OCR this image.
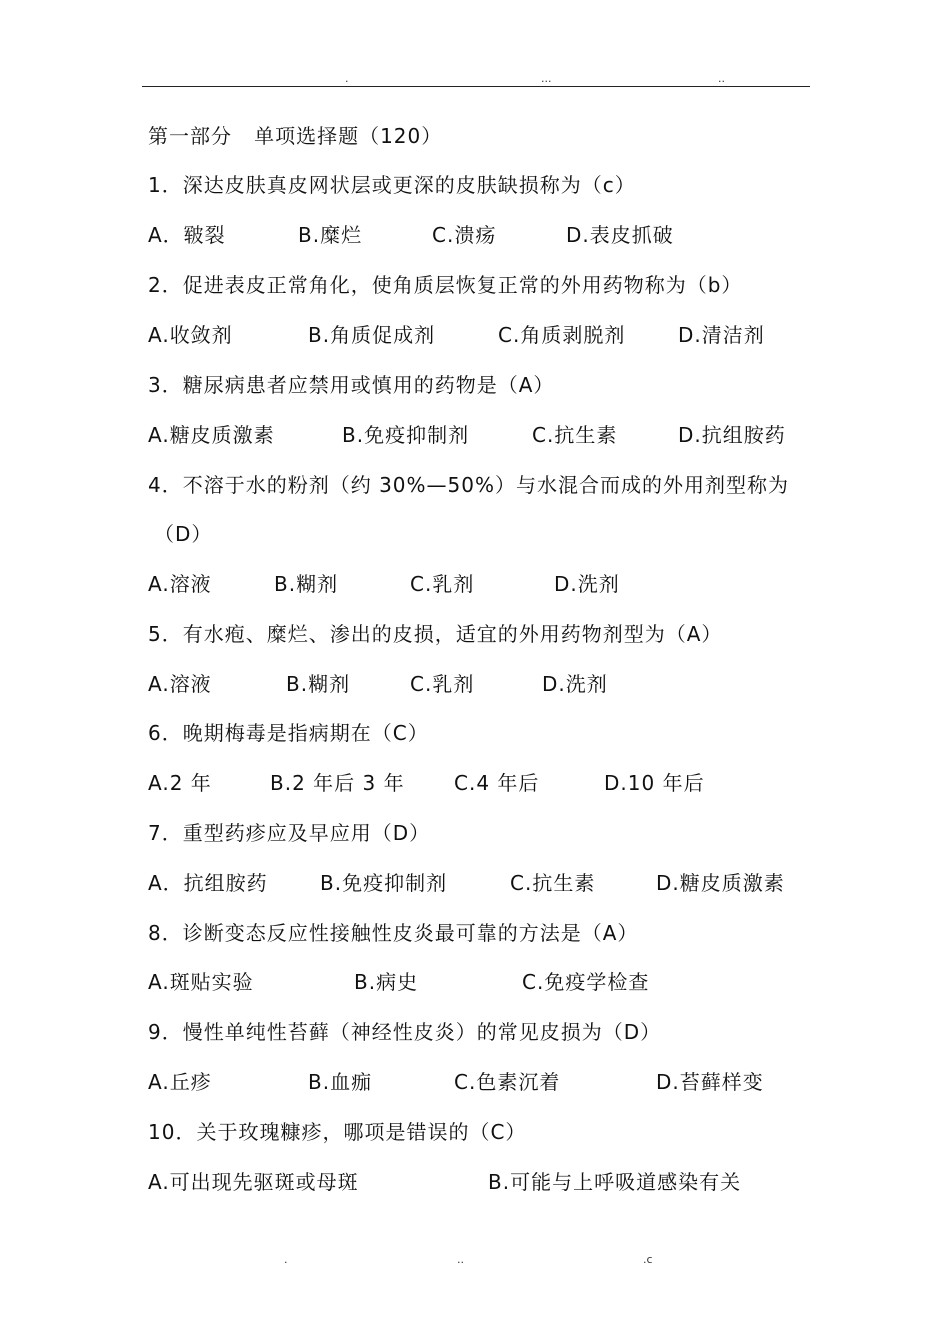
.	...	..
第一部分   单项选择题（120）
1．深达皮肤真皮网状层或更深的皮肤缺损称为（c）

A．皲裂

	B.糜烂

	C.溃疡

	D.表皮抓破

2．促进表皮正常角化，使角质层恢复正常的外用药物称为（b）

A.收敛剂

	B.角质促成剂

	C.角质剥脱剂

	D.清洁剂

3．糖尿病患者应禁用或慎用的药物是（A）

A.糖皮质激素

	B.免疫抑制剂

	C.抗生素

	D.抗组胺药

4．不溶于水的粉剂（约 30%—50%）与水混合而成的外用剂型称为
（D）

A.溶液

	B.糊剂

	C.乳剂

	D.洗剂

5．有水疱、糜烂、渗出的皮损，适宜的外用药物剂型为（A）

A.溶液

	B.糊剂

	C.乳剂

	D.洗剂

6．晚期梅毒是指病期在（C）

A.2 年

	B.2 年后 3 年

C.4 年后

	D.10 年后

7．重型药疹应及早应用（D）

A．抗组胺药

	B.免疫抑制剂

	C.抗生素

	D.糖皮质激素

8．诊断变态反应性接触性皮炎最可靠的方法是（A）

A.斑贴实验

	B.病史

	C.免疫学检查

9．慢性单纯性苔藓（神经性皮炎）的常见皮损为（D）

A.丘疹

	B.血痂

	C.色素沉着

	D.苔藓样变

10．关于玫瑰糠疹，哪项是错误的（C）

A.可出现先驱斑或母斑

	B.可能与上呼吸道感染有关

.	..	.c
